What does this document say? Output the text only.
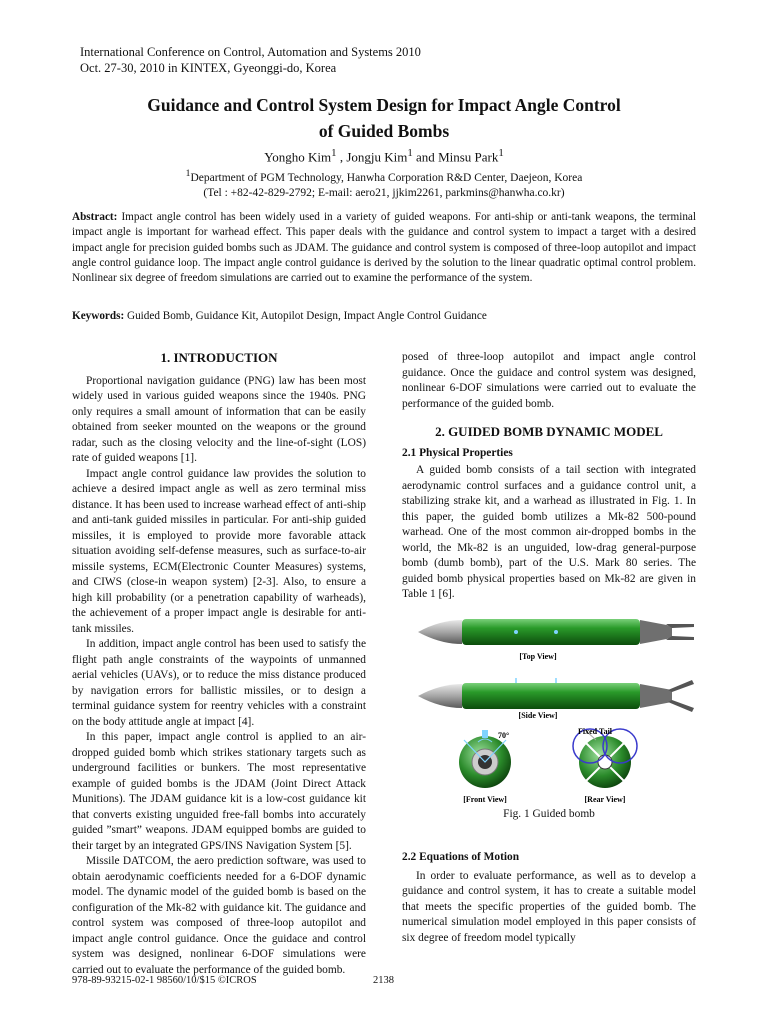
International Conference on Control, Automation and Systems 2010
Oct. 27-30, 2010 in KINTEX, Gyeonggi-do, Korea
Guidance and Control System Design for Impact Angle Control
of Guided Bombs
Yongho Kim$^1$ , Jongju Kim$^1$ and Minsu Park$^1$
$^1$Department of PGM Technology, Hanwha Corporation R&D Center, Daejeon, Korea
(Tel : +82-42-829-2792; E-mail: aero21, jjkim2261, parkmins@hanwha.co.kr)
Abstract: Impact angle control has been widely used in a variety of guided weapons. For anti-ship or anti-tank weapons, the terminal impact angle is important for warhead effect. This paper deals with the guidance and control system to impact a target with a desired impact angle for precision guided bombs such as JDAM. The guidance and control system is composed of three-loop autopilot and impact angle control guidance loop. The impact angle control guidance is derived by the solution to the linear quadratic optimal control problem. Nonlinear six degree of freedom simulations are carried out to examine the performance of the system.
Keywords: Guided Bomb, Guidance Kit, Autopilot Design, Impact Angle Control Guidance
1. INTRODUCTION

Proportional navigation guidance (PNG) law has been most widely used in various guided weapons since the 1940s. PNG only requires a small amount of information that can be easily obtained from seeker mounted on the weapons or the ground radar, such as the closing velocity and the line-of-sight (LOS) rate of guided weapons [1].

Impact angle control guidance law provides the solution to achieve a desired impact angle as well as zero terminal miss distance. It has been used to increase warhead effect of anti-ship and anti-tank guided missiles in particular. For anti-ship guided missiles, it is employed to provide more favorable attack situation avoiding self-defense measures, such as surface-to-air missile systems, ECM(Electronic Counter Measures) systems, and CIWS (close-in weapon system) [2-3]. Also, to ensure a high kill probability (or a penetration capability of warheads), the achievement of a proper impact angle is desirable for anti-tank missiles.

In addition, impact angle control has been used to satisfy the flight path angle constraints of the waypoints of unmanned aerial vehicles (UAVs), or to reduce the miss distance produced by navigation errors for ballistic missiles, or to design a terminal guidance system for reentry vehicles with a constraint on the body attitude angle at impact [4].

In this paper, impact angle control is applied to an air-dropped guided bomb which strikes stationary targets such as underground facilities or bunkers. The most representative example of guided bombs is the JDAM (Joint Direct Attack Munitions). The JDAM guidance kit is a low-cost guidance kit that converts existing unguided free-fall bombs into accurately guided ”smart” weapons. JDAM equipped bombs are guided to their target by an integrated GPS/INS Navigation System [5].

Missile DATCOM, the aero prediction software, was used to obtain aerodynamic coefficients needed for a 6-DOF dynamic model. The dynamic model of the guided bomb is based on the configuration of the Mk-82 with guidance kit. The guidance and control system was composed of three-loop autopilot and impact angle control guidance. Once the guidace and control system was designed, nonlinear 6-DOF simulations were carried out to evaluate the performance of the guided bomb.

posed of three-loop autopilot and impact angle control guidance. Once the guidace and control system was designed, nonlinear 6-DOF simulations were carried out to evaluate the performance of the guided bomb.

2. GUIDED BOMB DYNAMIC MODEL
2.1 Physical Properties

A guided bomb consists of a tail section with integrated aerodynamic control surfaces and a guidance control unit, a stabilizing strake kit, and a warhead as illustrated in Fig. 1. In this paper, the guided bomb utilizes a Mk-82 500-pound warhead. One of the most common air-dropped bombs in the world, the Mk-82 is an unguided, low-drag general-purpose bomb (dumb bomb), part of the U.S. Mark 80 series. The guided bomb physical properties based on Mk-82 are given in Table 1 [6].

[Top View]
[Side View]
70°
[Front View]
Fixed Tail
[Rear View]
Fig. 1 Guided bomb
2.2 Equations of Motion

In order to evaluate performance, as well as to develop a guidance and control system, it has to create a suitable model that meets the specific properties of the guided bomb. The numerical simulation model employed in this paper consists of six degree of freedom model typically

978-89-93215-02-1 98560/10/$15 ©ICROS	2138
